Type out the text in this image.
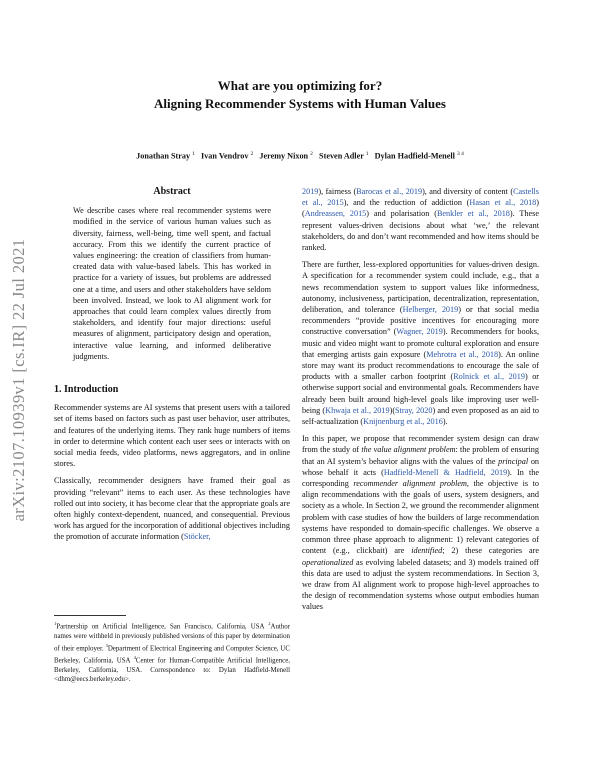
arXiv:2107.10939v1 [cs.IR] 22 Jul 2021
What are you optimizing for?
Aligning Recommender Systems with Human Values
Jonathan Stray $^1$ Ivan Vendrov $^2$ Jeremy Nixon $^2$ Steven Adler $^1$ Dylan Hadfield-Menell $^{3 4}$
Abstract
We describe cases where real recommender systems were modified in the service of various human values such as diversity, fairness, well-being, time well spent, and factual accuracy. From this we identify the current practice of values engineering: the creation of classifiers from human-created data with value-based labels. This has worked in practice for a variety of issues, but problems are addressed one at a time, and users and other stakeholders have seldom been involved. Instead, we look to AI alignment work for approaches that could learn complex values directly from stakeholders, and identify four major directions: useful measures of alignment, participatory design and operation, interactive value learning, and informed deliberative judgments.
1. Introduction

Recommender systems are AI systems that present users with a tailored set of items based on factors such as past user behavior, user attributes, and features of the underlying items. They rank huge numbers of items in order to determine which content each user sees or interacts with on social media feeds, video platforms, news aggregators, and in online stores.

Classically, recommender designers have framed their goal as providing “relevant” items to each user. As these technologies have rolled out into society, it has become clear that the appropriate goals are often highly context-dependent, nuanced, and consequential. Previous work has argued for the incorporation of additional objectives including the promotion of accurate information (Stöcker,

2019), fairness (Barocas et al., 2019), and diversity of content (Castells et al., 2015), and the reduction of addiction (Hasan et al., 2018)(Andreassen, 2015) and polarisation (Benkler et al., 2018). These represent values-driven decisions about what ‘we,’ the relevant stakeholders, do and don’t want recommended and how items should be ranked.

There are further, less-explored opportunities for values-driven design. A specification for a recommender system could include, e.g., that a news recommendation system to support values like informedness, autonomy, inclusiveness, participation, decentralization, representation, deliberation, and tolerance (Helberger, 2019) or that social media recommenders “provide positive incentives for encouraging more constructive conversation” (Wagner, 2019). Recommenders for books, music and video might want to promote cultural exploration and ensure that emerging artists gain exposure (Mehrotra et al., 2018). An online store may want its product recommendations to encourage the sale of products with a smaller carbon footprint (Rolnick et al., 2019) or otherwise support social and environmental goals. Recommenders have already been built around high-level goals like improving user well-being (Khwaja et al., 2019)(Stray, 2020) and even proposed as an aid to self-actualization (Knijnenburg et al., 2016).

In this paper, we propose that recommender system design can draw from the study of the value alignment problem: the problem of ensuring that an AI system’s behavior aligns with the values of the principal on whose behalf it acts (Hadfield-Menell & Hadfield, 2019). In the corresponding recommender alignment problem, the objective is to align recommendations with the goals of users, system designers, and society as a whole. In Section 2, we ground the recommender alignment problem with case studies of how the builders of large recommendation systems have responded to domain-specific challenges. We observe a common three phase approach to alignment: 1) relevant categories of content (e.g., clickbait) are identified; 2) these categories are operationalized as evolving labeled datasets; and 3) models trained off this data are used to adjust the system recommendations. In Section 3, we draw from AI alignment work to propose high-level approaches to the design of recommendation systems whose output embodies human values

$^1$Partnership on Artificial Intelligence, San Francisco, California, USA $^2$Author names were withheld in previously published versions of this paper by determination of their employer. $^3$Department of Electrical Engineering and Computer Science, UC Berkeley, California, USA $^4$Center for Human-Compatible Artificial Intelligence, Berkeley, California, USA. Correspondence to: Dylan Hadfield-Menell <dhm@eecs.berkeley.edu>.
